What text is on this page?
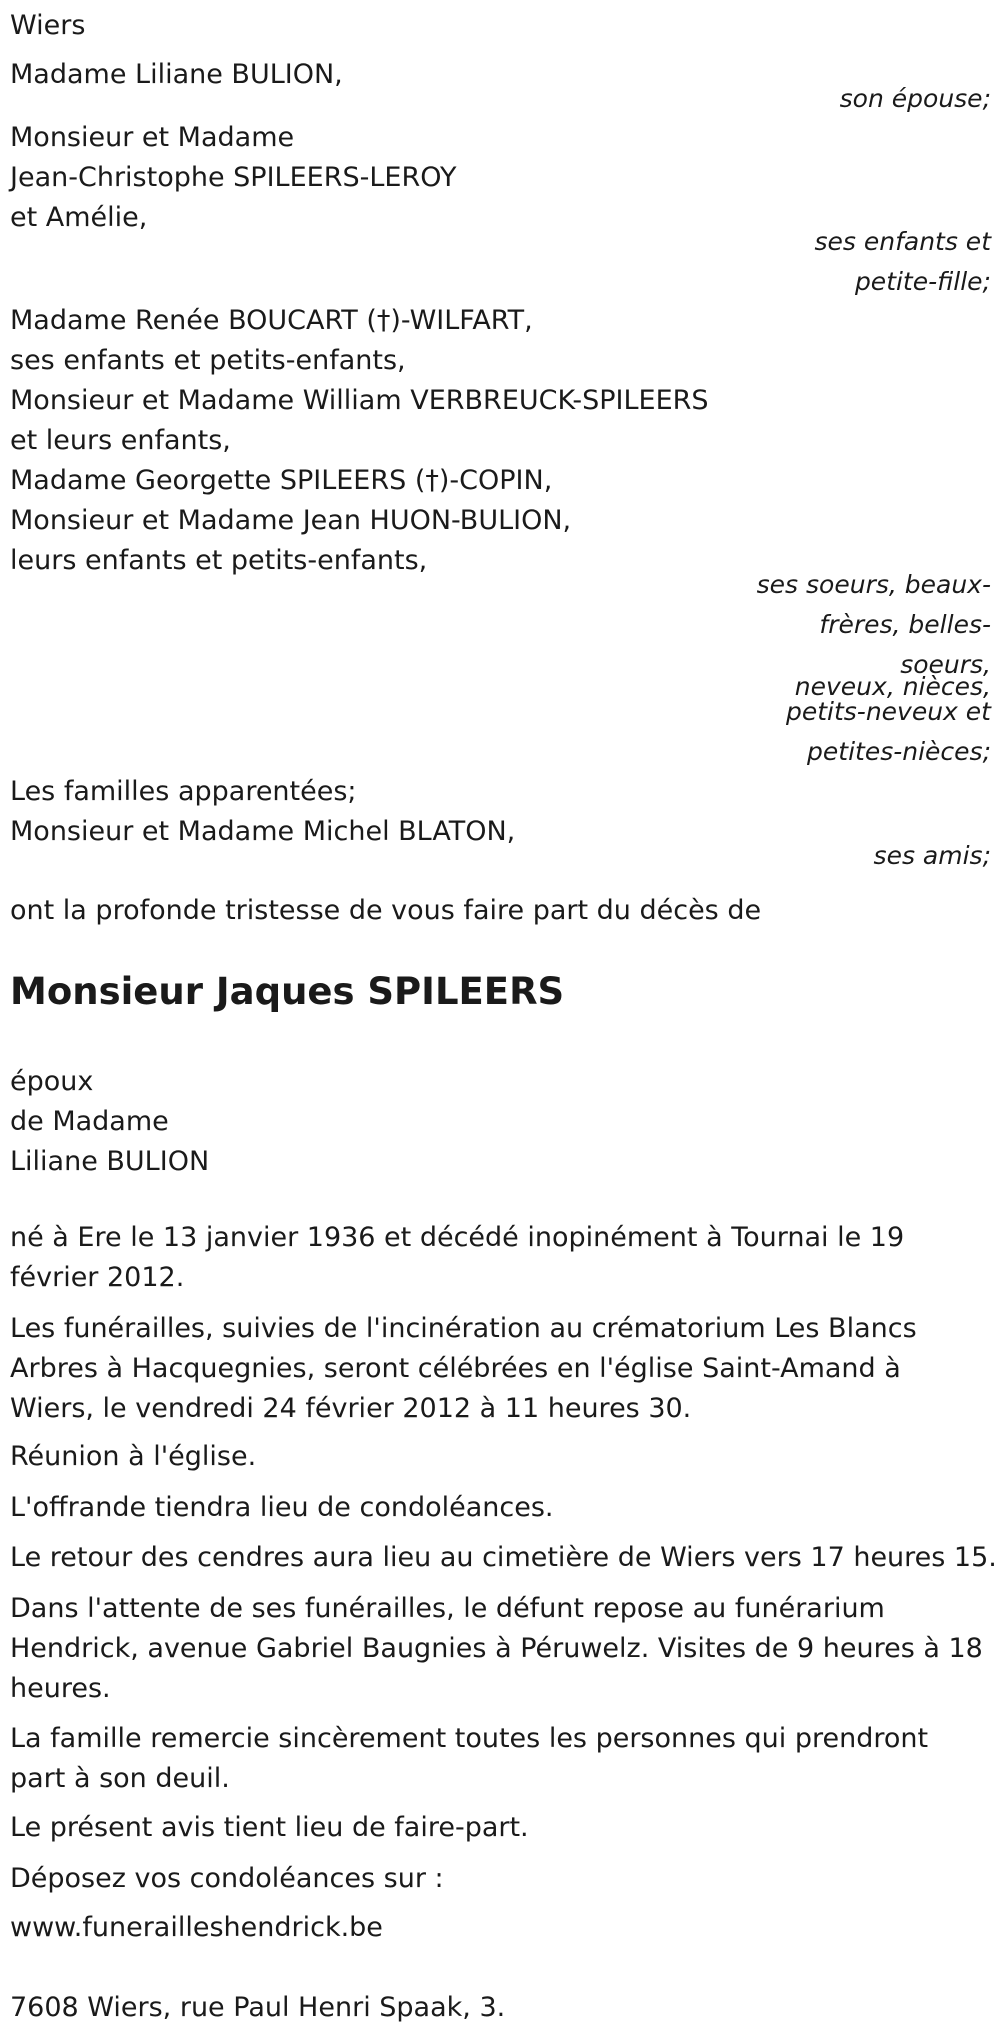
Wiers
Madame Liliane BULION,
son épouse;
Monsieur et Madame
Jean-Christophe SPILEERS-LEROY
et Amélie,
ses enfants et
petite-fille;
Madame Renée BOUCART (†)-WILFART,
ses enfants et petits-enfants,
Monsieur et Madame William VERBREUCK-SPILEERS
et leurs enfants,
Madame Georgette SPILEERS (†)-COPIN,
Monsieur et Madame Jean HUON-BULION,
leurs enfants et petits-enfants,
ses soeurs, beaux-
frères, belles-
soeurs,
neveux, nièces,
petits-neveux et
petites-nièces;
Les familles apparentées;
Monsieur et Madame Michel BLATON,
ses amis;
ont la profonde tristesse de vous faire part du décès de
Monsieur Jaques SPILEERS
époux
de Madame
Liliane BULION
né à Ere le 13 janvier 1936 et décédé inopinément à Tournai le 19 février 2012.
Les funérailles, suivies de l'incinération au crématorium Les Blancs Arbres à Hacquegnies, seront célébrées en l'église Saint-Amand à Wiers, le vendredi 24 février 2012 à 11 heures 30.
Réunion à l'église.
L'offrande tiendra lieu de condoléances.
Le retour des cendres aura lieu au cimetière de Wiers vers 17 heures 15.
Dans l'attente de ses funérailles, le défunt repose au funérarium Hendrick, avenue Gabriel Baugnies à Péruwelz. Visites de 9 heures à 18 heures.
La famille remercie sincèrement toutes les personnes qui prendront part à son deuil.
Le présent avis tient lieu de faire-part.
Déposez vos condoléances sur :
www.funerailleshendrick.be
7608 Wiers, rue Paul Henri Spaak, 3.
